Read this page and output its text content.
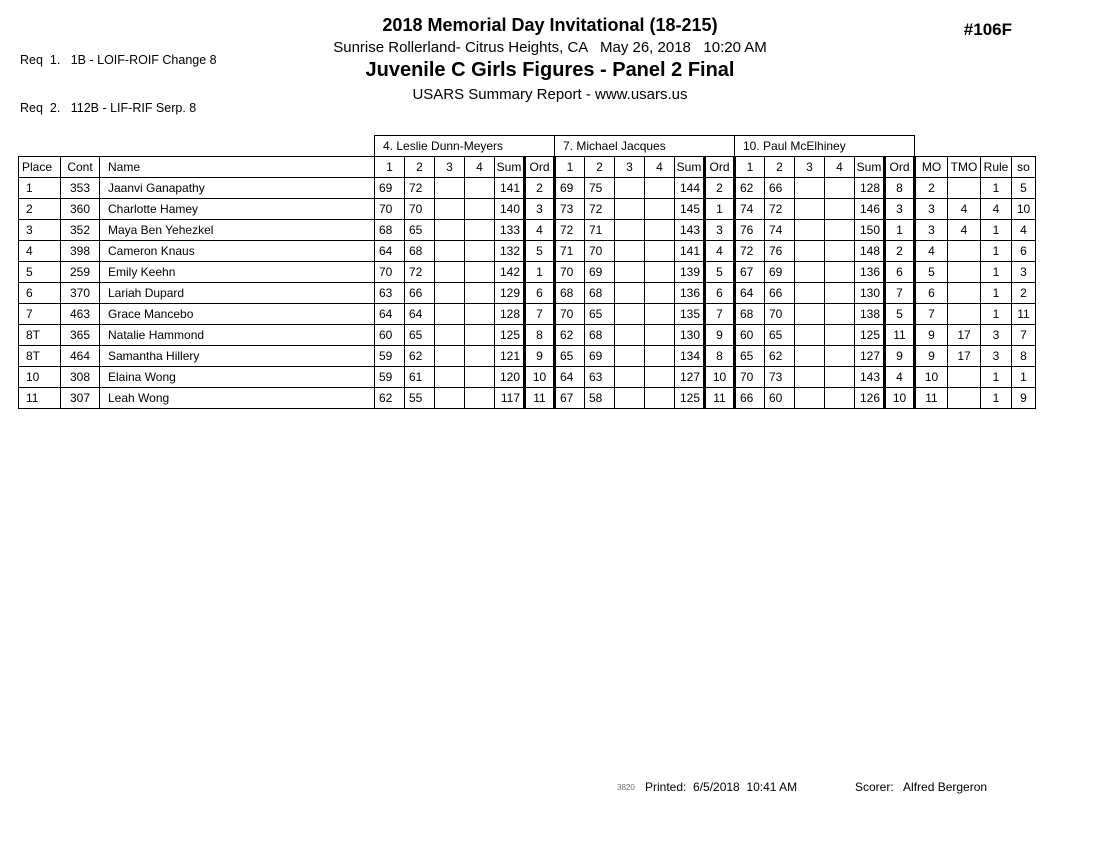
Req  1.   1B - LOIF-ROIF Change 8

Req  2.   112B - LIF-RIF Serp. 8

2018 Memorial Day Invitational (18-215)
Sunrise Rollerland- Citrus Heights, CA   May 26, 2018   10:20 AM
Juvenile C Girls Figures - Panel 2 Final
USARS Summary Report - www.usars.us
#106F
			4. Leslie Dunn-Meyers						7. Michael Jacques						10. Paul McElhiney									
Place	Cont	Name	1	2	3	4	Sum	Ord	1	2	3	4	Sum	Ord	1	2	3	4	Sum	Ord	MO	TMO	Rule	so
1	353	Jaanvi Ganapathy	69	72			141	2	69	75			144	2	62	66			128	8	2		1	5
2	360	Charlotte Hamey	70	70			140	3	73	72			145	1	74	72			146	3	3	4	4	10
3	352	Maya Ben Yehezkel	68	65			133	4	72	71			143	3	76	74			150	1	3	4	1	4
4	398	Cameron Knaus	64	68			132	5	71	70			141	4	72	76			148	2	4		1	6
5	259	Emily Keehn	70	72			142	1	70	69			139	5	67	69			136	6	5		1	3
6	370	Lariah Dupard	63	66			129	6	68	68			136	6	64	66			130	7	6		1	2
7	463	Grace Mancebo	64	64			128	7	70	65			135	7	68	70			138	5	7		1	11
8T	365	Natalie Hammond	60	65			125	8	62	68			130	9	60	65			125	11	9	17	3	7
8T	464	Samantha Hillery	59	62			121	9	65	69			134	8	65	62			127	9	9	17	3	8
10	308	Elaina Wong	59	61			120	10	64	63			127	10	70	73			143	4	10		1	1
11	307	Leah Wong	62	55			117	11	67	58			125	11	66	60			126	10	11		1	9
3820 Printed:  6/5/2018  10:41 AM	Scorer:   Alfred Bergeron
